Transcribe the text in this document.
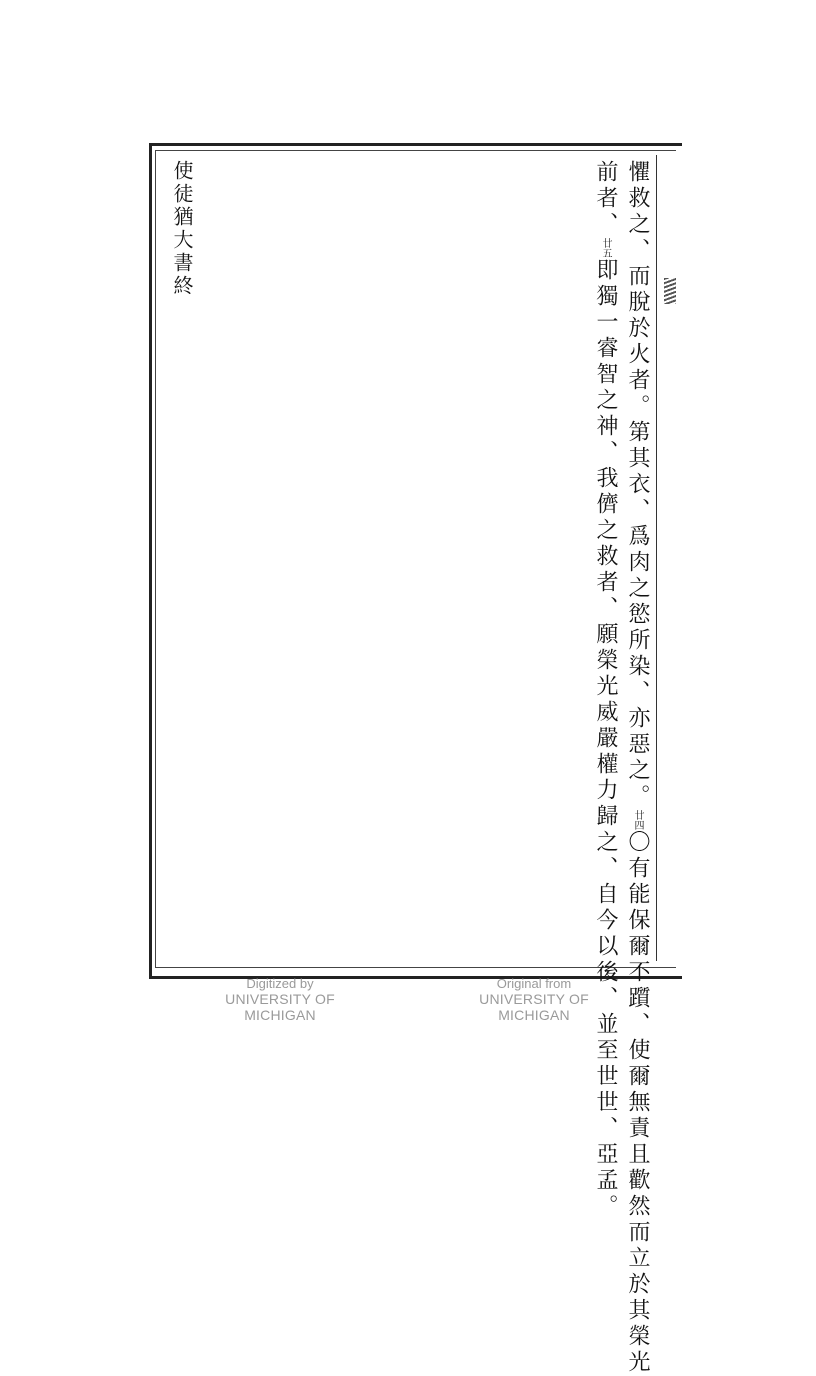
使徒猶大書終	懼救之、而脫於火者。第其衣、爲肉之慾所染、亦惡之。廿四〇有能保爾不躓、使爾無責且歡然而立於其榮光
前者、廿五即獨一睿智之神、我儕之救者、願榮光威嚴權力歸之、自今以後、並至世世、亞孟。
Digitized by
UNIVERSITY OF MICHIGAN
Original from
UNIVERSITY OF MICHIGAN
